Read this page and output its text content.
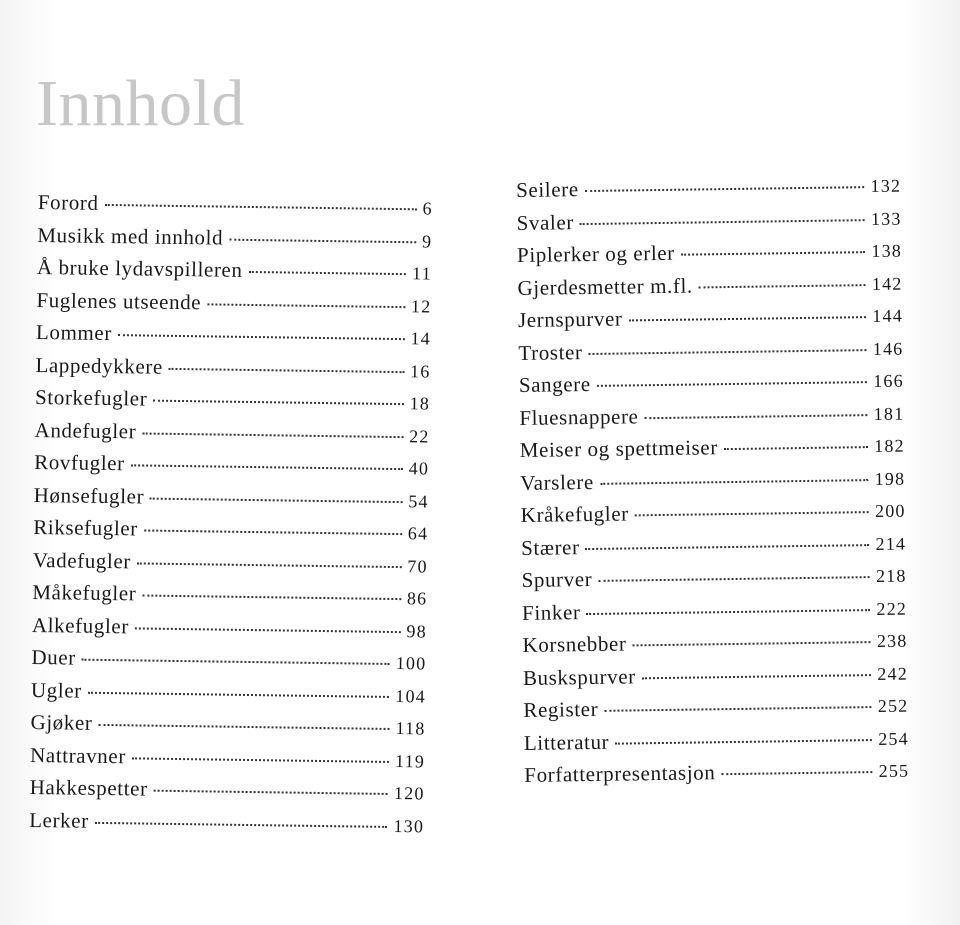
Innhold
Forord	6
Musikk med innhold	9
Å bruke lydavspilleren	11
Fuglenes utseende	12
Lommer	14
Lappedykkere	16
Storkefugler	18
Andefugler	22
Rovfugler	40
Hønsefugler	54
Riksefugler	64
Vadefugler	70
Måkefugler	86
Alkefugler	98
Duer	100
Ugler	104
Gjøker	118
Nattravner	119
Hakkespetter	120
Lerker	130
Seilere	132
Svaler	133
Piplerker og erler	138
Gjerdesmetter m.fl.	142
Jernspurver	144
Troster	146
Sangere	166
Fluesnappere	181
Meiser og spettmeiser	182
Varslere	198
Kråkefugler	200
Stærer	214
Spurver	218
Finker	222
Korsnebber	238
Buskspurver	242
Register	252
Litteratur	254
Forfatterpresentasjon	255
